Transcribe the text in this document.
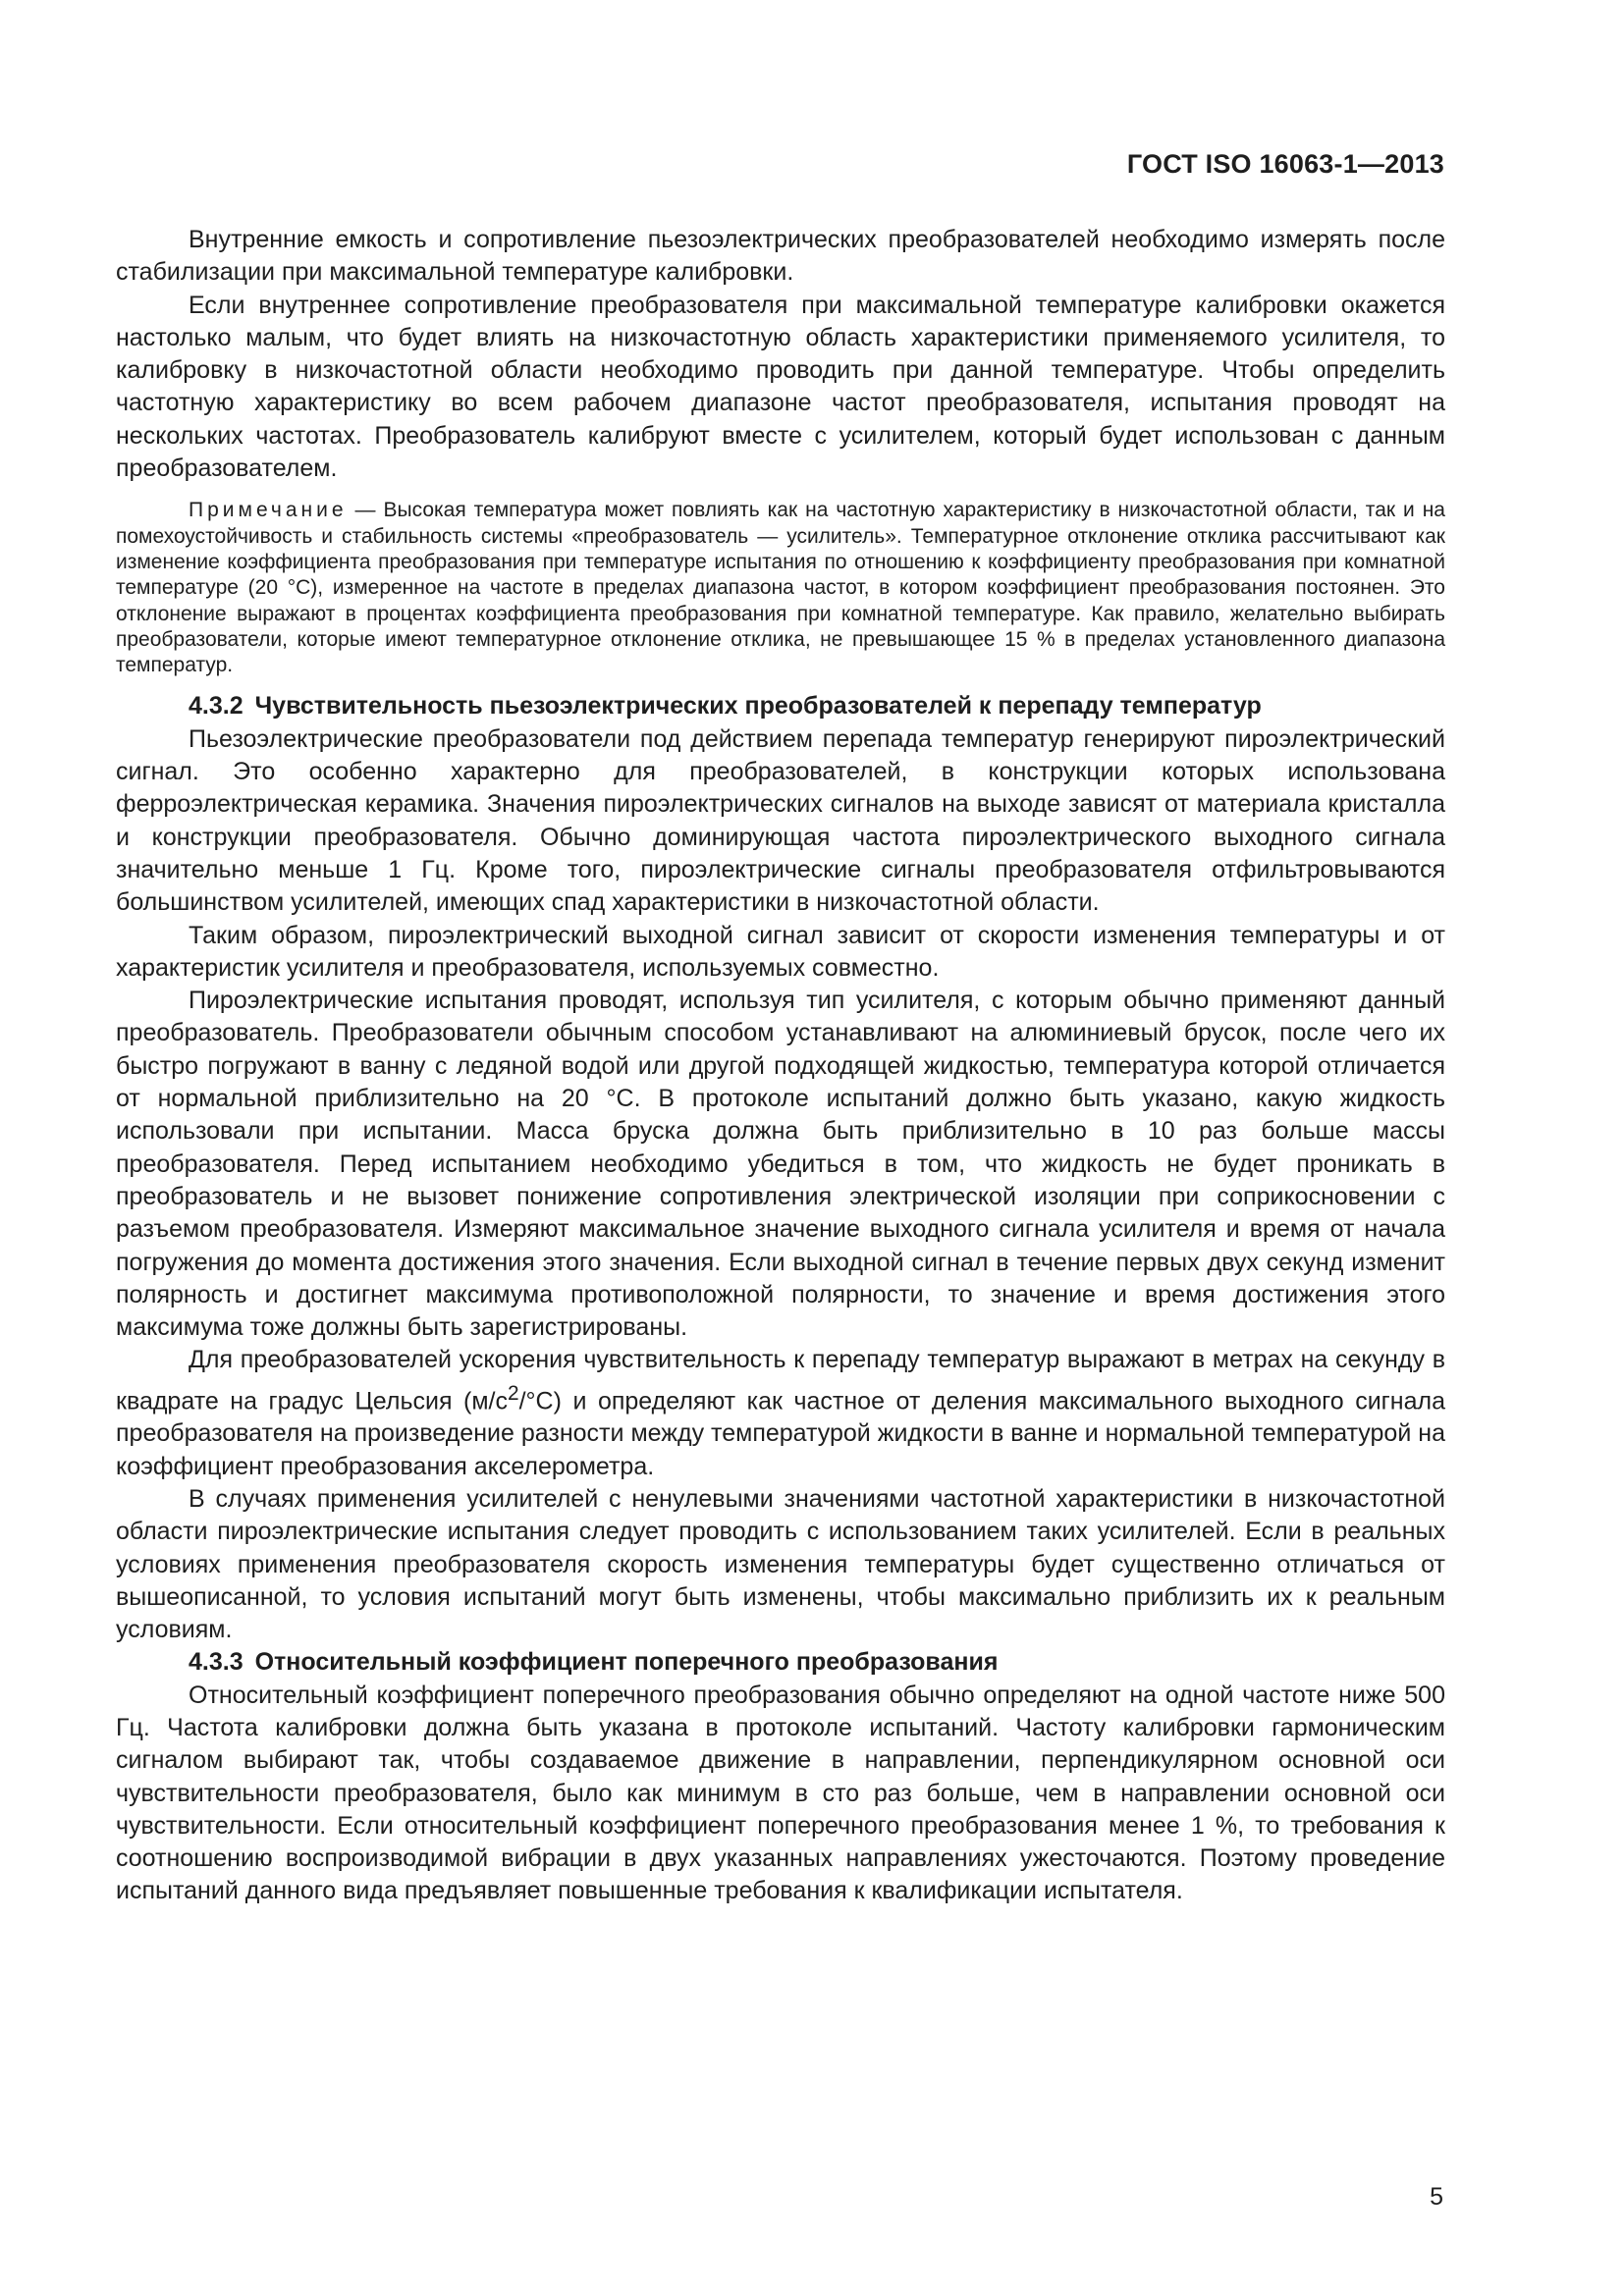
ГОСТ ISO 16063-1—2013

Внутренние емкость и сопротивление пьезоэлектрических преобразователей необходимо измерять после стабилизации при максимальной температуре калибровки.

Если внутреннее сопротивление преобразователя при максимальной температуре калибровки окажется настолько малым, что будет влиять на низкочастотную область характеристики применяемого усилителя, то калибровку в низкочастотной области необходимо проводить при данной температуре. Чтобы определить частотную характеристику во всем рабочем диапазоне частот преобразователя, испытания проводят на нескольких частотах. Преобразователь калибруют вместе с усилителем, который будет использован с данным преобразователем.

Примечание — Высокая температура может повлиять как на частотную характеристику в низкочастотной области, так и на помехоустойчивость и стабильность системы «преобразователь — усилитель». Температурное отклонение отклика рассчитывают как изменение коэффициента преобразования при температуре испытания по отношению к коэффициенту преобразования при комнатной температуре (20 °С), измеренное на частоте в пределах диапазона частот, в котором коэффициент преобразования постоянен. Это отклонение выражают в процентах коэффициента преобразования при комнатной температуре. Как правило, желательно выбирать преобразователи, которые имеют температурное отклонение отклика, не превышающее 15 % в пределах установленного диапазона температур.

4.3.2 Чувствительность пьезоэлектрических преобразователей к перепаду температур

Пьезоэлектрические преобразователи под действием перепада температур генерируют пироэлектрический сигнал. Это особенно характерно для преобразователей, в конструкции которых использована ферроэлектрическая керамика. Значения пироэлектрических сигналов на выходе зависят от материала кристалла и конструкции преобразователя. Обычно доминирующая частота пироэлектрического выходного сигнала значительно меньше 1 Гц. Кроме того, пироэлектрические сигналы преобразователя отфильтровываются большинством усилителей, имеющих спад характеристики в низкочастотной области.

Таким образом, пироэлектрический выходной сигнал зависит от скорости изменения температуры и от характеристик усилителя и преобразователя, используемых совместно.

Пироэлектрические испытания проводят, используя тип усилителя, с которым обычно применяют данный преобразователь. Преобразователи обычным способом устанавливают на алюминиевый брусок, после чего их быстро погружают в ванну с ледяной водой или другой подходящей жидкостью, температура которой отличается от нормальной приблизительно на 20 °С. В протоколе испытаний должно быть указано, какую жидкость использовали при испытании. Масса бруска должна быть приблизительно в 10 раз больше массы преобразователя. Перед испытанием необходимо убедиться в том, что жидкость не будет проникать в преобразователь и не вызовет понижение сопротивления электрической изоляции при соприкосновении с разъемом преобразователя. Измеряют максимальное значение выходного сигнала усилителя и время от начала погружения до момента достижения этого значения. Если выходной сигнал в течение первых двух секунд изменит полярность и достигнет максимума противоположной полярности, то значение и время достижения этого максимума тоже должны быть зарегистрированы.

Для преобразователей ускорения чувствительность к перепаду температур выражают в метрах на секунду в квадрате на градус Цельсия $(м/с^2/^\circ С)$ и определяют как частное от деления максимального выходного сигнала преобразователя на произведение разности между температурой жидкости в ванне и нормальной температурой на коэффициент преобразования акселерометра.

В случаях применения усилителей с ненулевыми значениями частотной характеристики в низкочастотной области пироэлектрические испытания следует проводить с использованием таких усилителей. Если в реальных условиях применения преобразователя скорость изменения температуры будет существенно отличаться от вышеописанной, то условия испытаний могут быть изменены, чтобы максимально приблизить их к реальным условиям.

4.3.3 Относительный коэффициент поперечного преобразования

Относительный коэффициент поперечного преобразования обычно определяют на одной частоте ниже 500 Гц. Частота калибровки должна быть указана в протоколе испытаний. Частоту калибровки гармоническим сигналом выбирают так, чтобы создаваемое движение в направлении, перпендикулярном основной оси чувствительности преобразователя, было как минимум в сто раз больше, чем в направлении основной оси чувствительности. Если относительный коэффициент поперечного преобразования менее 1 %, то требования к соотношению воспроизводимой вибрации в двух указанных направлениях ужесточаются. Поэтому проведение испытаний данного вида предъявляет повышенные требования к квалификации испытателя.

5
